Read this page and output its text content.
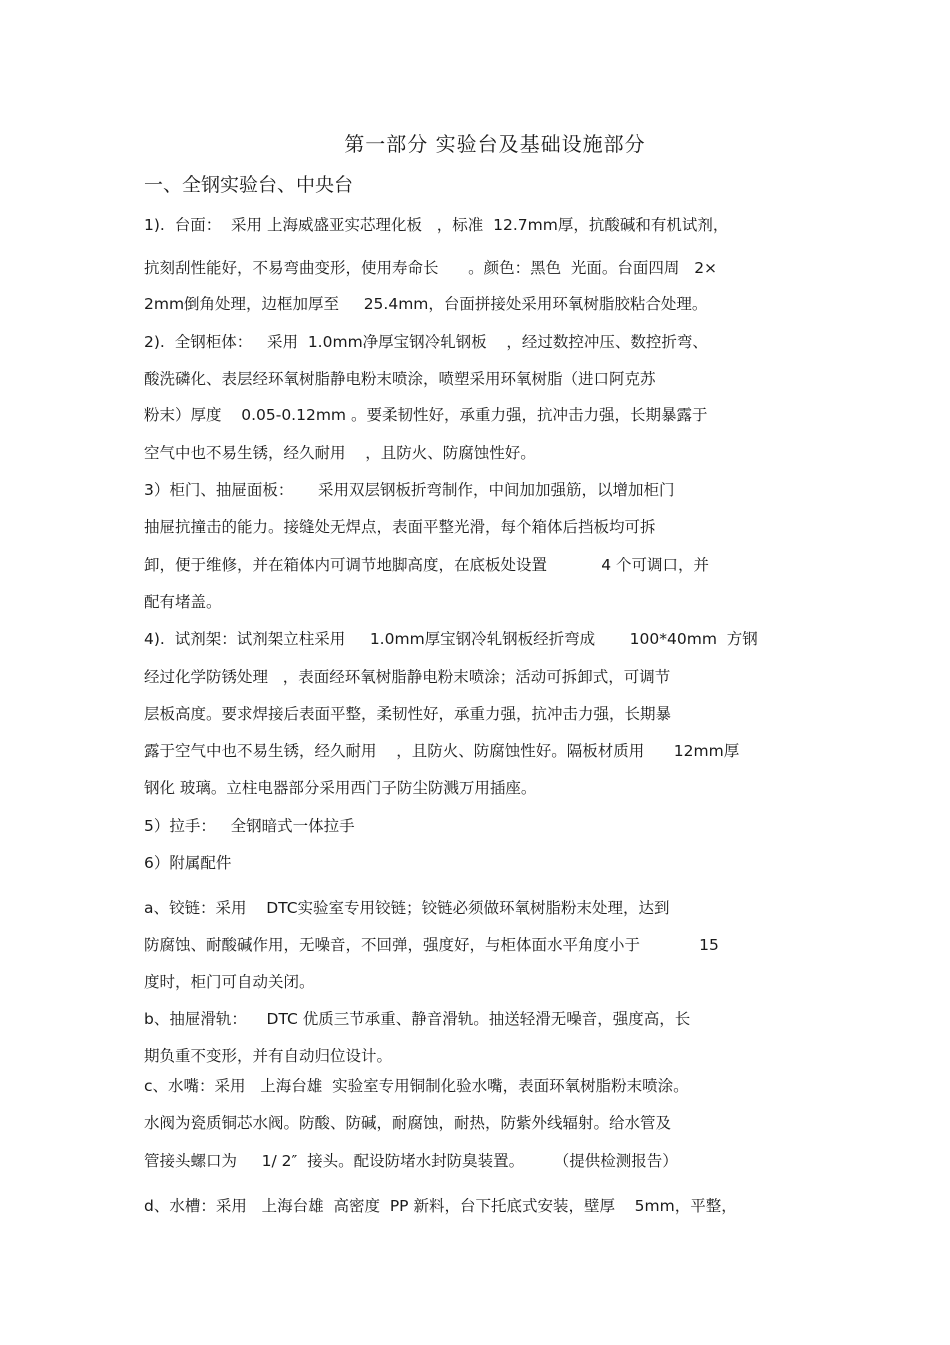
第一部分 实验台及基础设施部分
一、全钢实验台、中央台
1).  台面：  采用 上海威盛亚实芯理化板   ，标准  12.7mm厚，抗酸碱和有机试剂，
抗刻刮性能好，不易弯曲变形，使用寿命长      。颜色：黑色  光面。台面四周   2×
2mm倒角处理，边框加厚至     25.4mm，台面拼接处采用环氧树脂胶粘合处理。
2).  全钢柜体：   采用  1.0mm净厚宝钢冷轧钢板    ，经过数控冲压、数控折弯、
酸洗磷化、表层经环氧树脂静电粉末喷涂，喷塑采用环氧树脂（进口阿克苏
粉末）厚度    0.05-0.12mm 。要柔韧性好，承重力强，抗冲击力强，长期暴露于
空气中也不易生锈，经久耐用    ，且防火、防腐蚀性好。
3）柜门、抽屉面板：     采用双层钢板折弯制作，中间加加强筋，以增加柜门
抽屉抗撞击的能力。接缝处无焊点，表面平整光滑，每个箱体后挡板均可拆
卸，便于维修，并在箱体内可调节地脚高度，在底板处设置           4 个可调口，并
配有堵盖。
4).  试剂架：试剂架立柱采用     1.0mm厚宝钢冷轧钢板经折弯成       100*40mm  方钢
经过化学防锈处理   ，表面经环氧树脂静电粉末喷涂；活动可拆卸式，可调节
层板高度。要求焊接后表面平整，柔韧性好，承重力强，抗冲击力强，长期暴
露于空气中也不易生锈，经久耐用    ，且防火、防腐蚀性好。隔板材质用      12mm厚
钢化 玻璃。立柱电器部分采用西门子防尘防溅万用插座。
5）拉手：   全钢暗式一体拉手
6）附属配件
a、铰链：采用    DTC实验室专用铰链；铰链必须做环氧树脂粉末处理，达到
防腐蚀、耐酸碱作用，无噪音，不回弹，强度好，与柜体面水平角度小于            15
度时，柜门可自动关闭。
b、抽屉滑轨：    DTC 优质三节承重、静音滑轨。抽送轻滑无噪音，强度高，长
期负重不变形，并有自动归位设计。
c、水嘴：采用   上海台雄  实验室专用铜制化验水嘴，表面环氧树脂粉末喷涂。
水阀为瓷质铜芯水阀。防酸、防碱，耐腐蚀，耐热，防紫外线辐射。给水管及
管接头螺口为     1/ 2″  接头。配设防堵水封防臭装置。      （提供检测报告）
d、水槽：采用   上海台雄  高密度  PP 新料，台下托底式安装，壁厚    5mm，平整，
